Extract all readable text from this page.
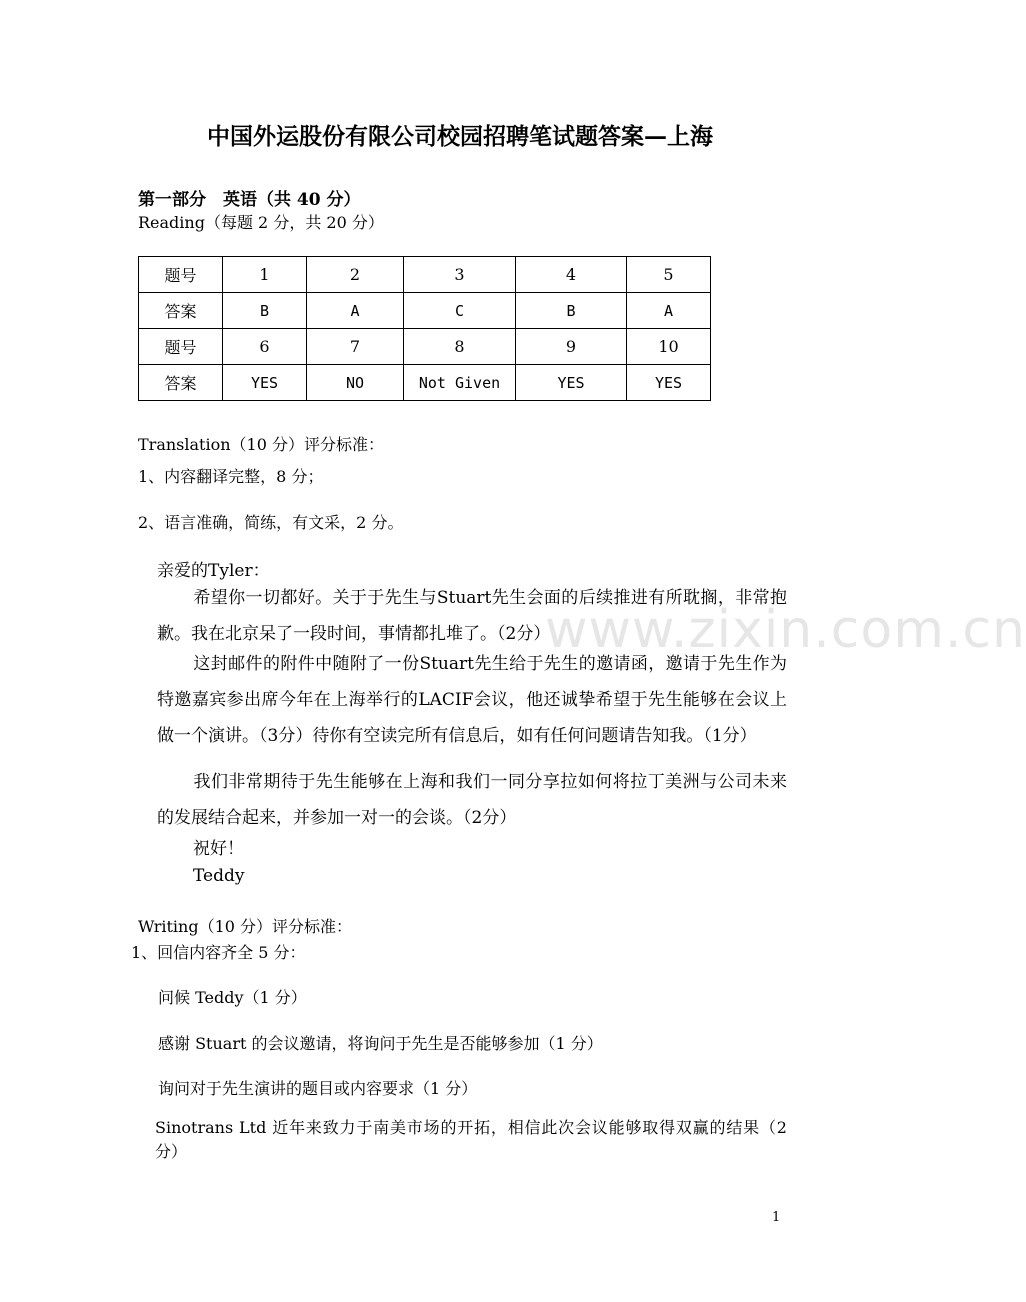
中国外运股份有限公司校园招聘笔试题答案—上海
第一部分　英语（共 40 分）
Reading（每题 2 分，共 20 分）
题号	1	2	3	4	5
答案	B	A	C	B	A
题号	6	7	8	9	10
答案	YES	NO	Not Given	YES	YES
Translation（10 分）评分标准：
1、内容翻译完整，8 分；
2、语言准确，简练，有文采，2 分。
www.zixin.com.cn
亲爱的Tyler：
希望你一切都好。关于于先生与Stuart先生会面的后续推进有所耽搁，非常抱歉。我在北京呆了一段时间，事情都扎堆了。（2分）
这封邮件的附件中随附了一份Stuart先生给于先生的邀请函，邀请于先生作为特邀嘉宾参出席今年在上海举行的LACIF会议，他还诚挚希望于先生能够在会议上做一个演讲。（3分）待你有空读完所有信息后，如有任何问题请告知我。（1分）
我们非常期待于先生能够在上海和我们一同分享拉如何将拉丁美洲与公司未来的发展结合起来，并参加一对一的会谈。（2分）
祝好！
Teddy
Writing（10 分）评分标准：
1、回信内容齐全 5 分：
问候 Teddy（1 分）
感谢 Stuart 的会议邀请，将询问于先生是否能够参加（1 分）
询问对于先生演讲的题目或内容要求（1 分）
Sinotrans Ltd 近年来致力于南美市场的开拓，相信此次会议能够取得双赢的结果（2 分）
1
